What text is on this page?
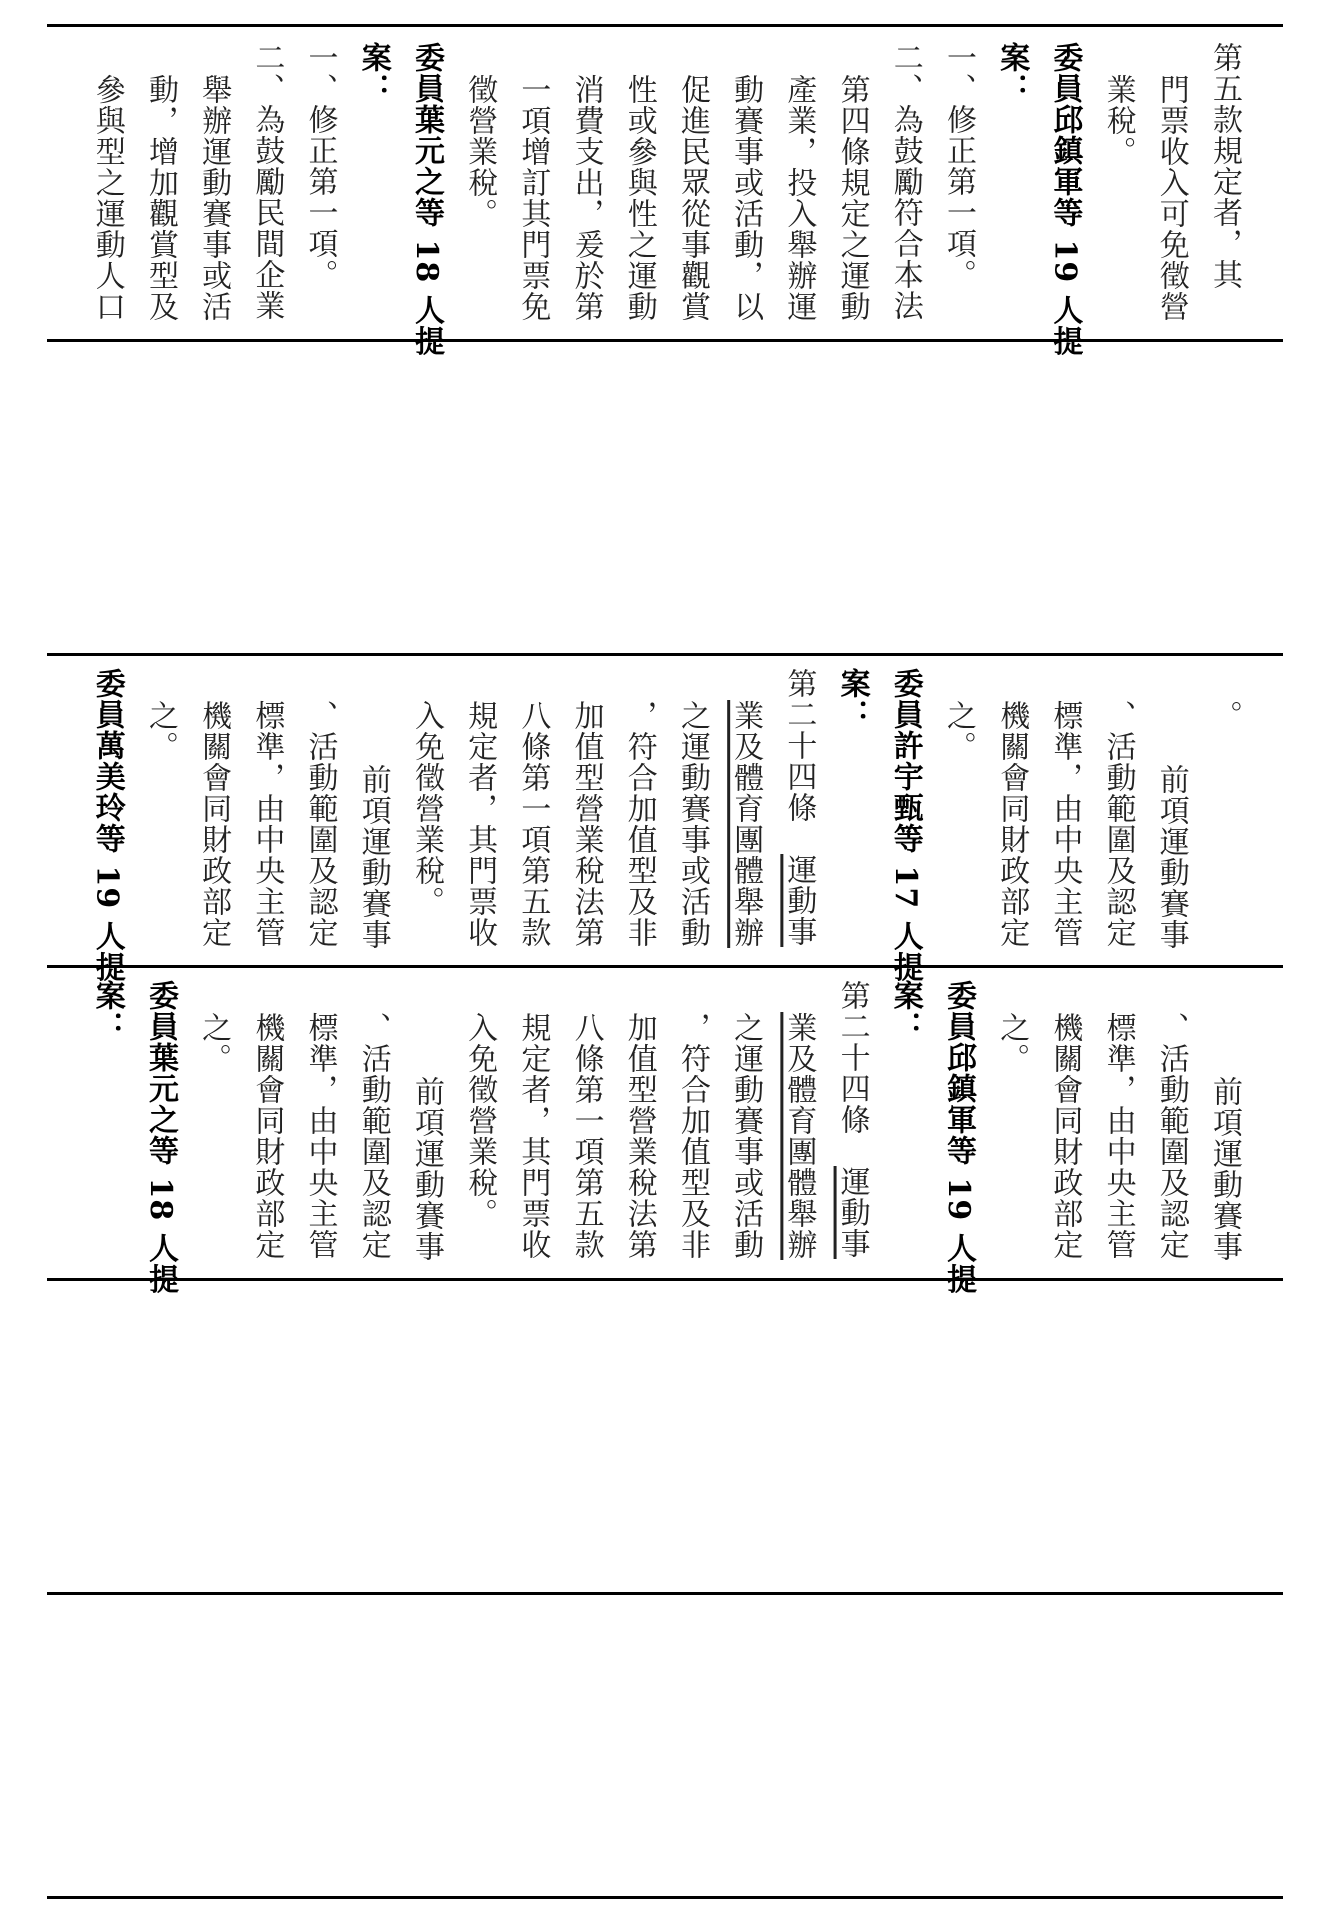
第五款規定者，其
門票收入可免徵營
業稅。
委員邱鎮軍等 19 人提
案：
一、修正第一項。
二、為鼓勵符合本法
第四條規定之運動
產業，投入舉辦運
動賽事或活動，以
促進民眾從事觀賞
性或參與性之運動
消費支出，爰於第
一項增訂其門票免
徵營業稅。
委員葉元之等 18 人提
案：
一、修正第一項。
二、為鼓勵民間企業
舉辦運動賽事或活
動，增加觀賞型及
參與型之運動人口
。
前項運動賽事
、活動範圍及認定
標準，由中央主管
機關會同財政部定
之。
委員許宇甄等 17 人提
案：
第二十四條　運動事
業及體育團體舉辦
之運動賽事或活動
，符合加值型及非
加值型營業稅法第
八條第一項第五款
規定者，其門票收
入免徵營業稅。
前項運動賽事
、活動範圍及認定
標準，由中央主管
機關會同財政部定
之。
委員萬美玲等 19 人提
前項運動賽事
、活動範圍及認定
標準，由中央主管
機關會同財政部定
之。
委員邱鎮軍等 19 人提
案：
第二十四條　運動事
業及體育團體舉辦
之運動賽事或活動
，符合加值型及非
加值型營業稅法第
八條第一項第五款
規定者，其門票收
入免徵營業稅。
前項運動賽事
、活動範圍及認定
標準，由中央主管
機關會同財政部定
之。
委員葉元之等 18 人提
案：
